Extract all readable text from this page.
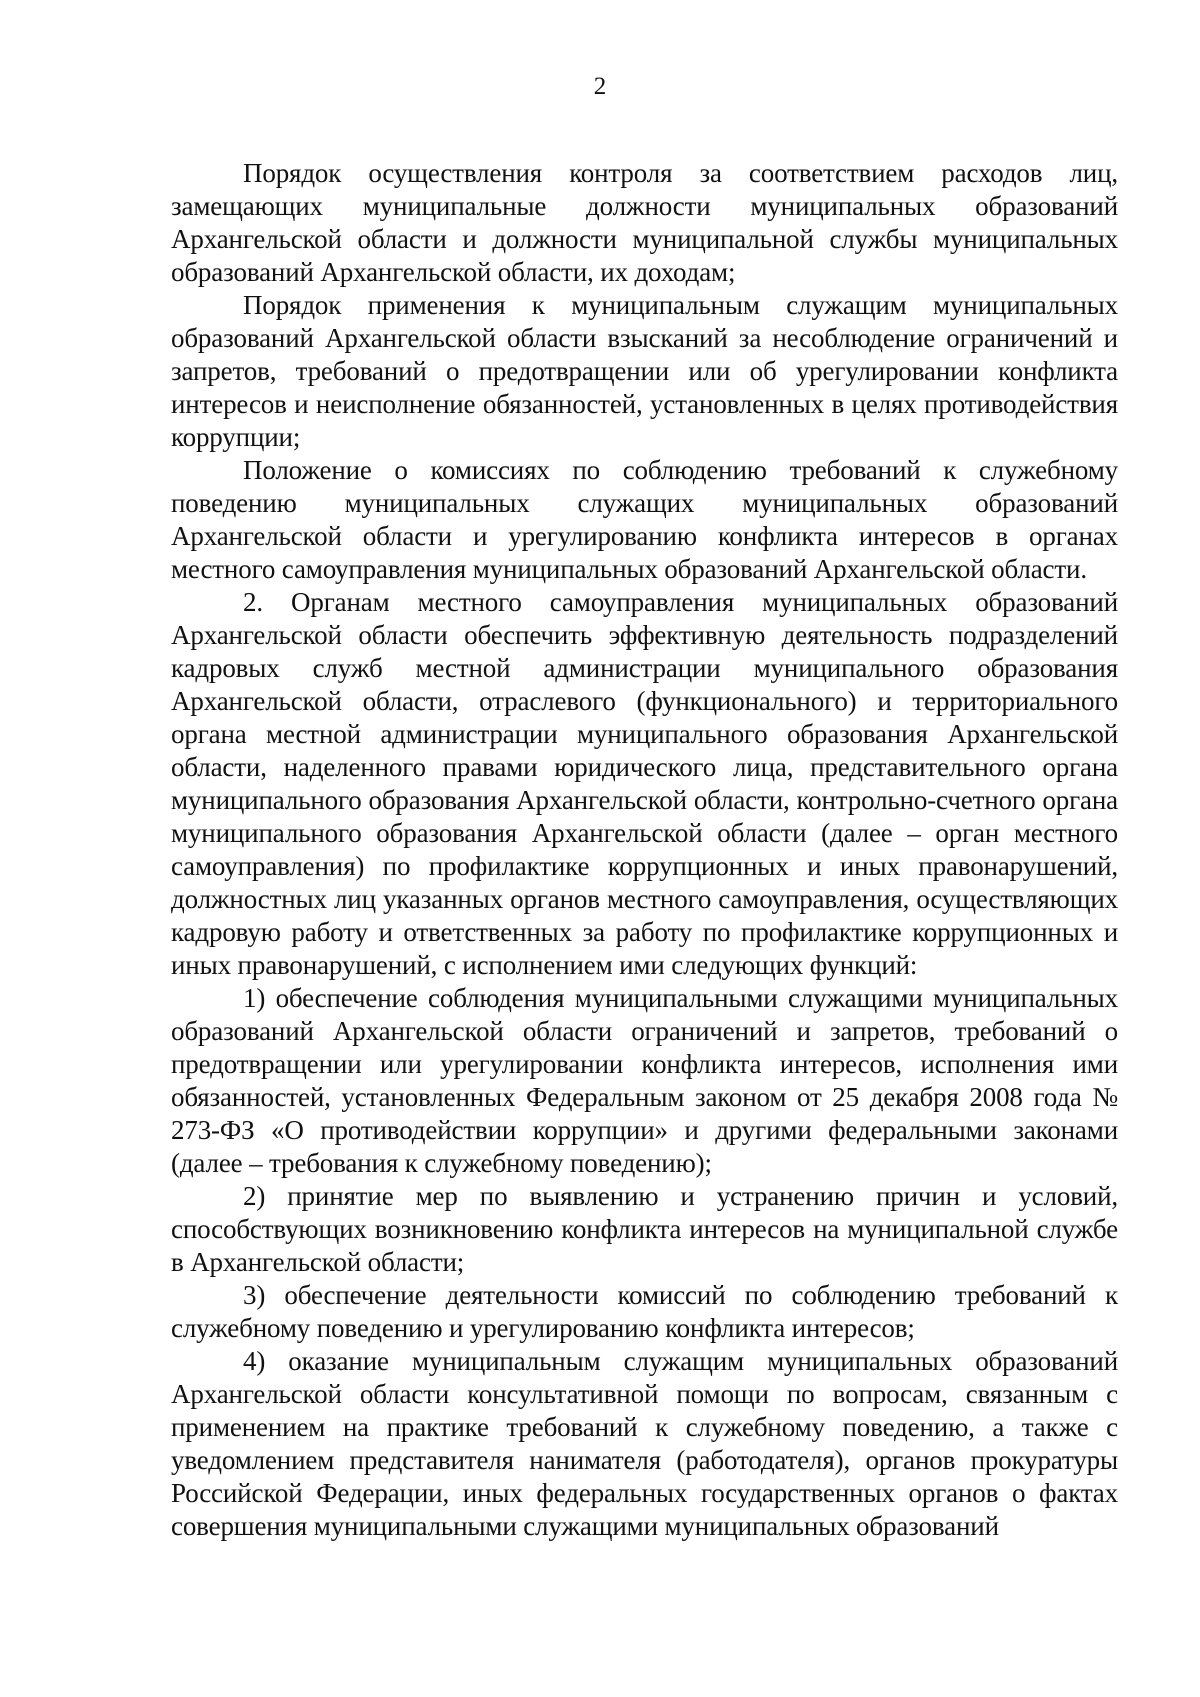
2

Порядок осуществления контроля за соответствием расходов лиц, замещающих муниципальные должности муниципальных образований Архангельской области и должности муниципальной службы муниципальных образований Архангельской области, их доходам;

Порядок применения к муниципальным служащим муниципальных образований Архангельской области взысканий за несоблюдение ограничений и запретов, требований о предотвращении или об урегулировании конфликта интересов и неисполнение обязанностей, установленных в целях противодействия коррупции;

Положение о комиссиях по соблюдению требований к служебному поведению муниципальных служащих муниципальных образований Архангельской области и урегулированию конфликта интересов в органах местного самоуправления муниципальных образований Архангельской области.

2. Органам местного самоуправления муниципальных образований Архангельской области обеспечить эффективную деятельность подразделений кадровых служб местной администрации муниципального образования Архангельской области, отраслевого (функционального) и территориального органа местной администрации муниципального образования Архангельской области, наделенного правами юридического лица, представительного органа муниципального образования Архангельской области, контрольно-счетного органа муниципального образования Архангельской области (далее – орган местного самоуправления) по профилактике коррупционных и иных правонарушений, должностных лиц указанных органов местного самоуправления, осуществляющих кадровую работу и ответственных за работу по профилактике коррупционных и иных правонарушений, с исполнением ими следующих функций:

1) обеспечение соблюдения муниципальными служащими муниципальных образований Архангельской области ограничений и запретов, требований о предотвращении или урегулировании конфликта интересов, исполнения ими обязанностей, установленных Федеральным законом от 25 декабря 2008 года № 273-ФЗ «О противодействии коррупции» и другими федеральными законами (далее – требования к служебному поведению);

2) принятие мер по выявлению и устранению причин и условий, способствующих возникновению конфликта интересов на муниципальной службе в Архангельской области;

3) обеспечение деятельности комиссий по соблюдению требований к служебному поведению и урегулированию конфликта интересов;

4) оказание муниципальным служащим муниципальных образований Архангельской области консультативной помощи по вопросам, связанным с применением на практике требований к служебному поведению, а также с уведомлением представителя нанимателя (работодателя), органов прокуратуры Российской Федерации, иных федеральных государственных органов о фактах совершения муниципальными служащими муниципальных образований
